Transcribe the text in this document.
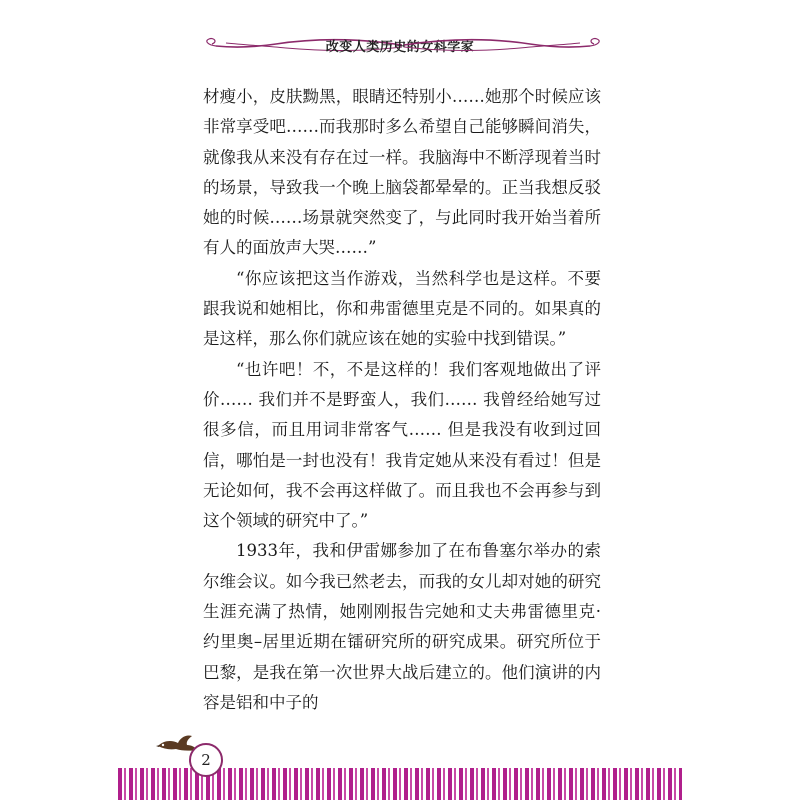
改变人类历史的女科学家

材瘦小，皮肤黝黑，眼睛还特别小……她那个时候应该非常享受吧……而我那时多么希望自己能够瞬间消失，就像我从来没有存在过一样。我脑海中不断浮现着当时的场景，导致我一个晚上脑袋都晕晕的。正当我想反驳她的时候……场景就突然变了，与此同时我开始当着所有人的面放声大哭……”

“你应该把这当作游戏，当然科学也是这样。不要跟我说和她相比，你和弗雷德里克是不同的。如果真的是这样，那么你们就应该在她的实验中找到错误。”

“也许吧！不，不是这样的！我们客观地做出了评价…… 我们并不是野蛮人，我们…… 我曾经给她写过很多信，而且用词非常客气…… 但是我没有收到过回信，哪怕是一封也没有！我肯定她从来没有看过！但是无论如何，我不会再这样做了。而且我也不会再参与到这个领域的研究中了。”

1933年，我和伊雷娜参加了在布鲁塞尔举办的索尔维会议。如今我已然老去，而我的女儿却对她的研究生涯充满了热情，她刚刚报告完她和丈夫弗雷德里克·约里奥–居里近期在镭研究所的研究成果。研究所位于巴黎，是我在第一次世界大战后建立的。他们演讲的内容是铝和中子的

2
